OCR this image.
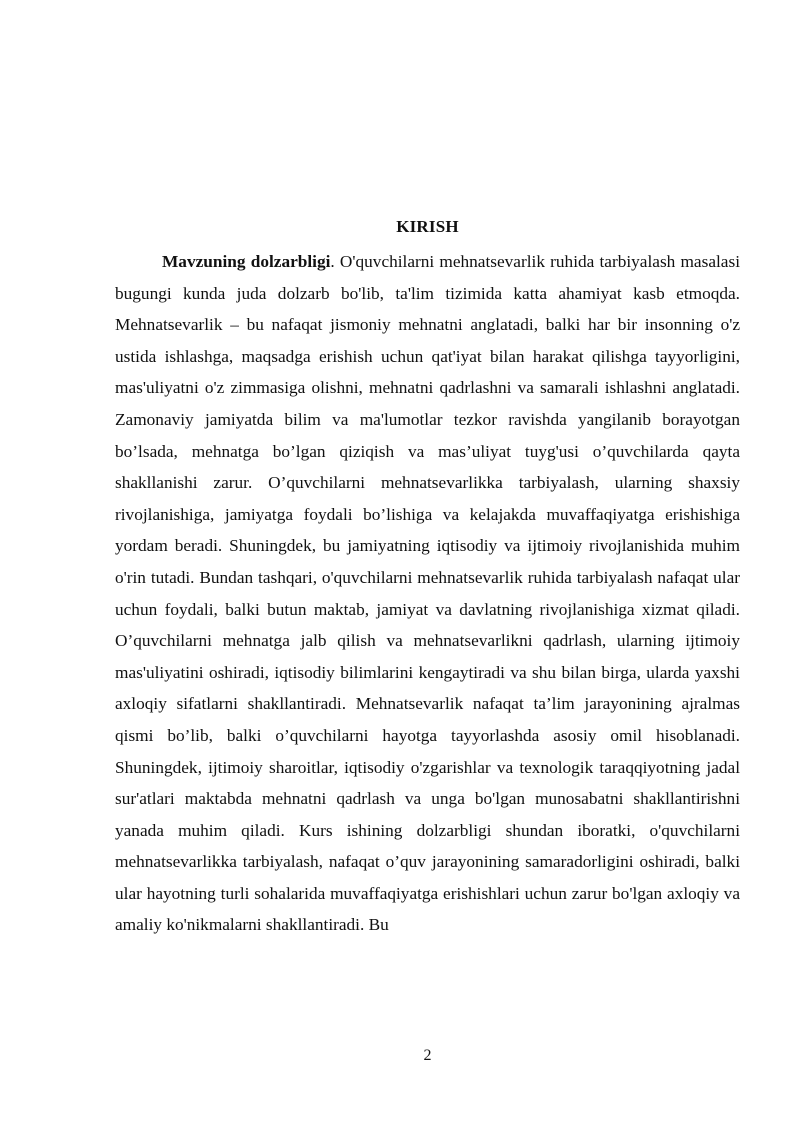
KIRISH

Mavzuning dolzarbligi. O'quvchilarni mehnatsevarlik ruhida tarbiyalash masalasi bugungi kunda juda dolzarb bo'lib, ta'lim tizimida katta ahamiyat kasb etmoqda. Mehnatsevarlik – bu nafaqat jismoniy mehnatni anglatadi, balki har bir insonning o'z ustida ishlashga, maqsadga erishish uchun qat'iyat bilan harakat qilishga tayyorligini, mas'uliyatni o'z zimmasiga olishni, mehnatni qadrlashni va samarali ishlashni anglatadi. Zamonaviy jamiyatda bilim va ma'lumotlar tezkor ravishda yangilanib borayotgan bo’lsada, mehnatga bo’lgan qiziqish va mas’uliyat tuyg'usi o’quvchilarda qayta shakllanishi zarur. O’quvchilarni mehnatsevarlikka tarbiyalash, ularning shaxsiy rivojlanishiga, jamiyatga foydali bo’lishiga va kelajakda muvaffaqiyatga erishishiga yordam beradi. Shuningdek, bu jamiyatning iqtisodiy va ijtimoiy rivojlanishida muhim o'rin tutadi. Bundan tashqari, o'quvchilarni mehnatsevarlik ruhida tarbiyalash nafaqat ular uchun foydali, balki butun maktab, jamiyat va davlatning rivojlanishiga xizmat qiladi. O’quvchilarni mehnatga jalb qilish va mehnatsevarlikni qadrlash, ularning ijtimoiy mas'uliyatini oshiradi, iqtisodiy bilimlarini kengaytiradi va shu bilan birga, ularda yaxshi axloqiy sifatlarni shakllantiradi. Mehnatsevarlik nafaqat ta’lim jarayonining ajralmas qismi bo’lib, balki o’quvchilarni hayotga tayyorlashda asosiy omil hisoblanadi. Shuningdek, ijtimoiy sharoitlar, iqtisodiy o'zgarishlar va texnologik taraqqiyotning jadal sur'atlari maktabda mehnatni qadrlash va unga bo'lgan munosabatni shakllantirishni yanada muhim qiladi. Kurs ishining dolzarbligi shundan iboratki, o'quvchilarni mehnatsevarlikka tarbiyalash, nafaqat o’quv jarayonining samaradorligini oshiradi, balki ular hayotning turli sohalarida muvaffaqiyatga erishishlari uchun zarur bo'lgan axloqiy va amaliy ko'nikmalarni shakllantiradi. Bu

2
